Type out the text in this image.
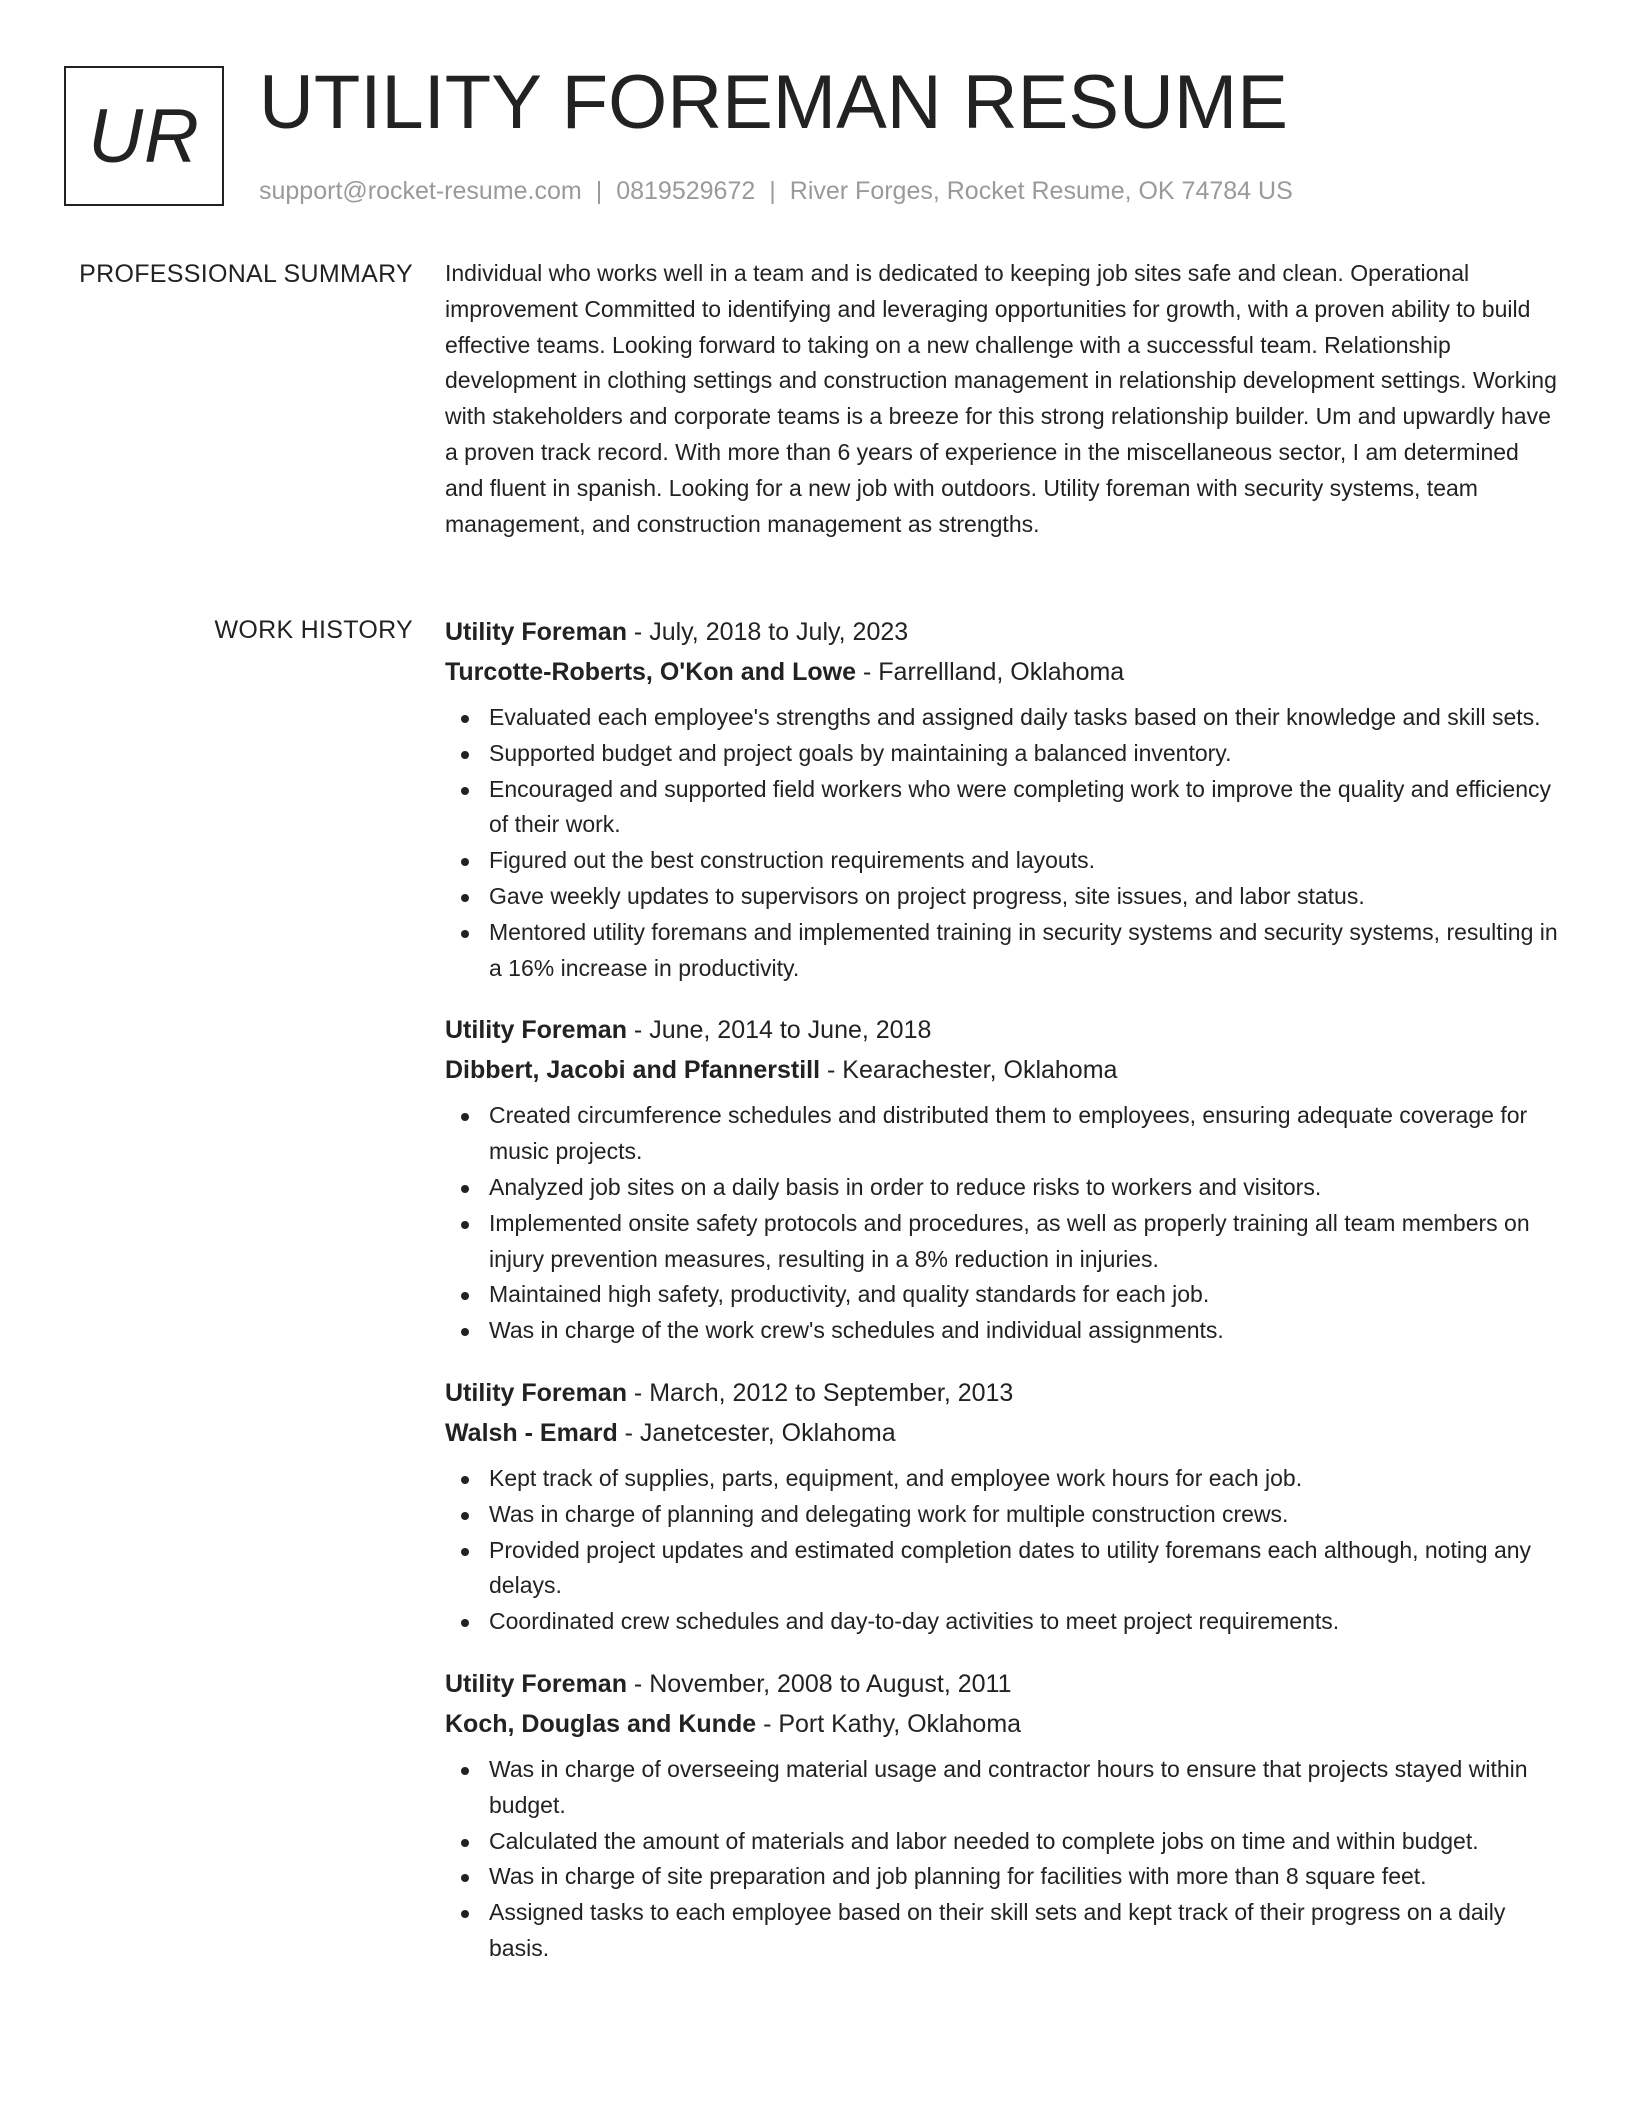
UR UTILITY FOREMAN RESUME
support@rocket-resume.com | 0819529672 | River Forges, Rocket Resume, OK 74784 US
PROFESSIONAL SUMMARY Individual who works well in a team and is dedicated to keeping job sites safe and clean. Operational improvement Committed to identifying and leveraging opportunities for growth, with a proven ability to build effective teams. Looking forward to taking on a new challenge with a successful team. Relationship development in clothing settings and construction management in relationship development settings. Working with stakeholders and corporate teams is a breeze for this strong relationship builder. Um and upwardly have a proven track record. With more than 6 years of experience in the miscellaneous sector, I am determined and fluent in spanish. Looking for a new job with outdoors. Utility foreman with security systems, team management, and construction management as strengths.
WORK HISTORY Utility Foreman - July, 2018 to July, 2023
Turcotte-Roberts, O'Kon and Lowe - Farrellland, Oklahoma
Evaluated each employee's strengths and assigned daily tasks based on their knowledge and skill sets.
Supported budget and project goals by maintaining a balanced inventory.
Encouraged and supported field workers who were completing work to improve the quality and efficiency of their work.
Figured out the best construction requirements and layouts.
Gave weekly updates to supervisors on project progress, site issues, and labor status.
Mentored utility foremans and implemented training in security systems and security systems, resulting in a 16% increase in productivity.
Utility Foreman - June, 2014 to June, 2018
Dibbert, Jacobi and Pfannerstill - Kearachester, Oklahoma
Created circumference schedules and distributed them to employees, ensuring adequate coverage for music projects.
Analyzed job sites on a daily basis in order to reduce risks to workers and visitors.
Implemented onsite safety protocols and procedures, as well as properly training all team members on injury prevention measures, resulting in a 8% reduction in injuries.
Maintained high safety, productivity, and quality standards for each job.
Was in charge of the work crew's schedules and individual assignments.
Utility Foreman - March, 2012 to September, 2013
Walsh - Emard - Janetcester, Oklahoma
Kept track of supplies, parts, equipment, and employee work hours for each job.
Was in charge of planning and delegating work for multiple construction crews.
Provided project updates and estimated completion dates to utility foremans each although, noting any delays.
Coordinated crew schedules and day-to-day activities to meet project requirements.
Utility Foreman - November, 2008 to August, 2011
Koch, Douglas and Kunde - Port Kathy, Oklahoma
Was in charge of overseeing material usage and contractor hours to ensure that projects stayed within budget.
Calculated the amount of materials and labor needed to complete jobs on time and within budget.
Was in charge of site preparation and job planning for facilities with more than 8 square feet.
Assigned tasks to each employee based on their skill sets and kept track of their progress on a daily basis.
